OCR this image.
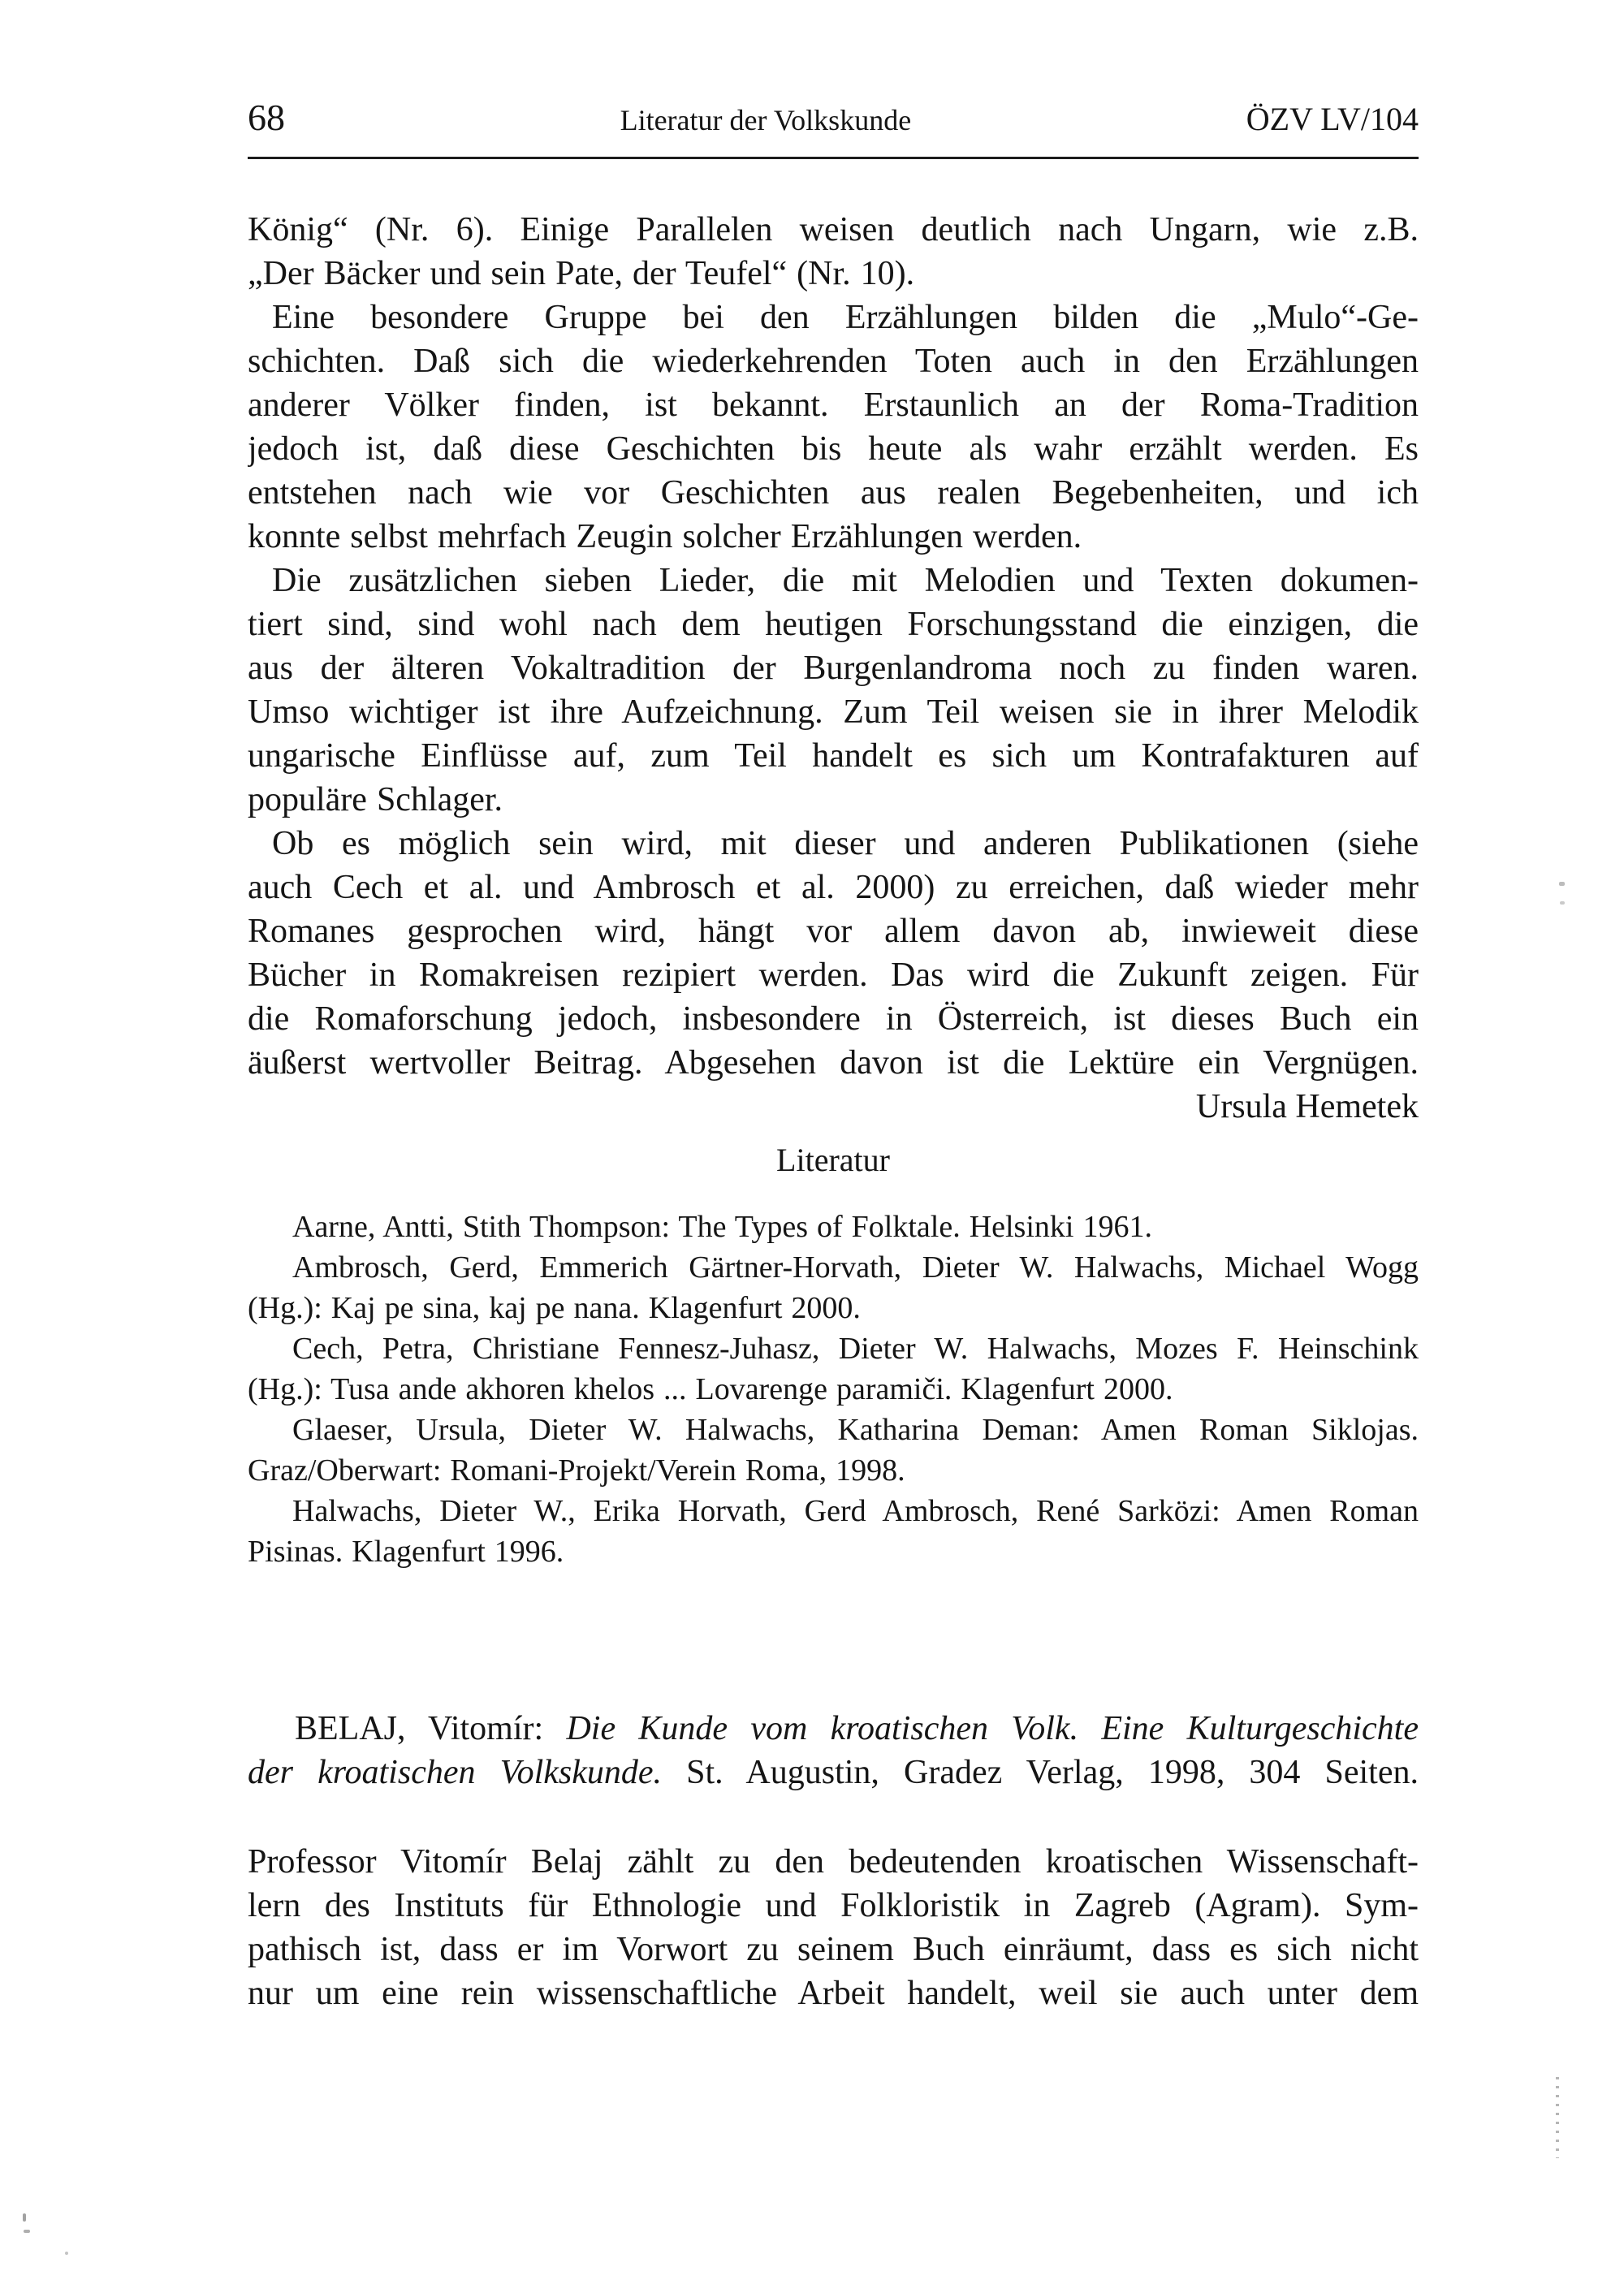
68	Literatur der Volkskunde	ÖZV LV/104
König“ (Nr. 6). Einige Parallelen weisen deutlich nach Ungarn, wie z.B.
„Der Bäcker und sein Pate, der Teufel“ (Nr. 10).
Eine besondere Gruppe bei den Erzählungen bilden die „Mulo“-Ge-
schichten. Daß sich die wiederkehrenden Toten auch in den Erzählungen
anderer Völker finden, ist bekannt. Erstaunlich an der Roma-Tradition
jedoch ist, daß diese Geschichten bis heute als wahr erzählt werden. Es
entstehen nach wie vor Geschichten aus realen Begebenheiten, und ich
konnte selbst mehrfach Zeugin solcher Erzählungen werden.
Die zusätzlichen sieben Lieder, die mit Melodien und Texten dokumen-
tiert sind, sind wohl nach dem heutigen Forschungsstand die einzigen, die
aus der älteren Vokaltradition der Burgenlandroma noch zu finden waren.
Umso wichtiger ist ihre Aufzeichnung. Zum Teil weisen sie in ihrer Melodik
ungarische Einflüsse auf, zum Teil handelt es sich um Kontrafakturen auf
populäre Schlager.
Ob es möglich sein wird, mit dieser und anderen Publikationen (siehe
auch Cech et al. und Ambrosch et al. 2000) zu erreichen, daß wieder mehr
Romanes gesprochen wird, hängt vor allem davon ab, inwieweit diese
Bücher in Romakreisen rezipiert werden. Das wird die Zukunft zeigen. Für
die Romaforschung jedoch, insbesondere in Österreich, ist dieses Buch ein
äußerst wertvoller Beitrag. Abgesehen davon ist die Lektüre ein Vergnügen.
Ursula Hemetek
Literatur
Aarne, Antti, Stith Thompson: The Types of Folktale. Helsinki 1961.
Ambrosch, Gerd, Emmerich Gärtner-Horvath, Dieter W. Halwachs, Michael Wogg
(Hg.): Kaj pe sina, kaj pe nana. Klagenfurt 2000.
Cech, Petra, Christiane Fennesz-Juhasz, Dieter W. Halwachs, Mozes F. Heinschink
(Hg.): Tusa ande akhoren khelos ... Lovarenge paramiči. Klagenfurt 2000.
Glaeser, Ursula, Dieter W. Halwachs, Katharina Deman: Amen Roman Siklojas.
Graz/Oberwart: Romani-Projekt/Verein Roma, 1998.
Halwachs, Dieter W., Erika Horvath, Gerd Ambrosch, René Sarközi: Amen Roman
Pisinas. Klagenfurt 1996.
BELAJ, Vitomír: Die Kunde vom kroatischen Volk. Eine Kulturgeschichte
der kroatischen Volkskunde. St. Augustin, Gradez Verlag, 1998, 304 Seiten.
Professor Vitomír Belaj zählt zu den bedeutenden kroatischen Wissenschaft-
lern des Instituts für Ethnologie und Folkloristik in Zagreb (Agram). Sym-
pathisch ist, dass er im Vorwort zu seinem Buch einräumt, dass es sich nicht
nur um eine rein wissenschaftliche Arbeit handelt, weil sie auch unter dem
